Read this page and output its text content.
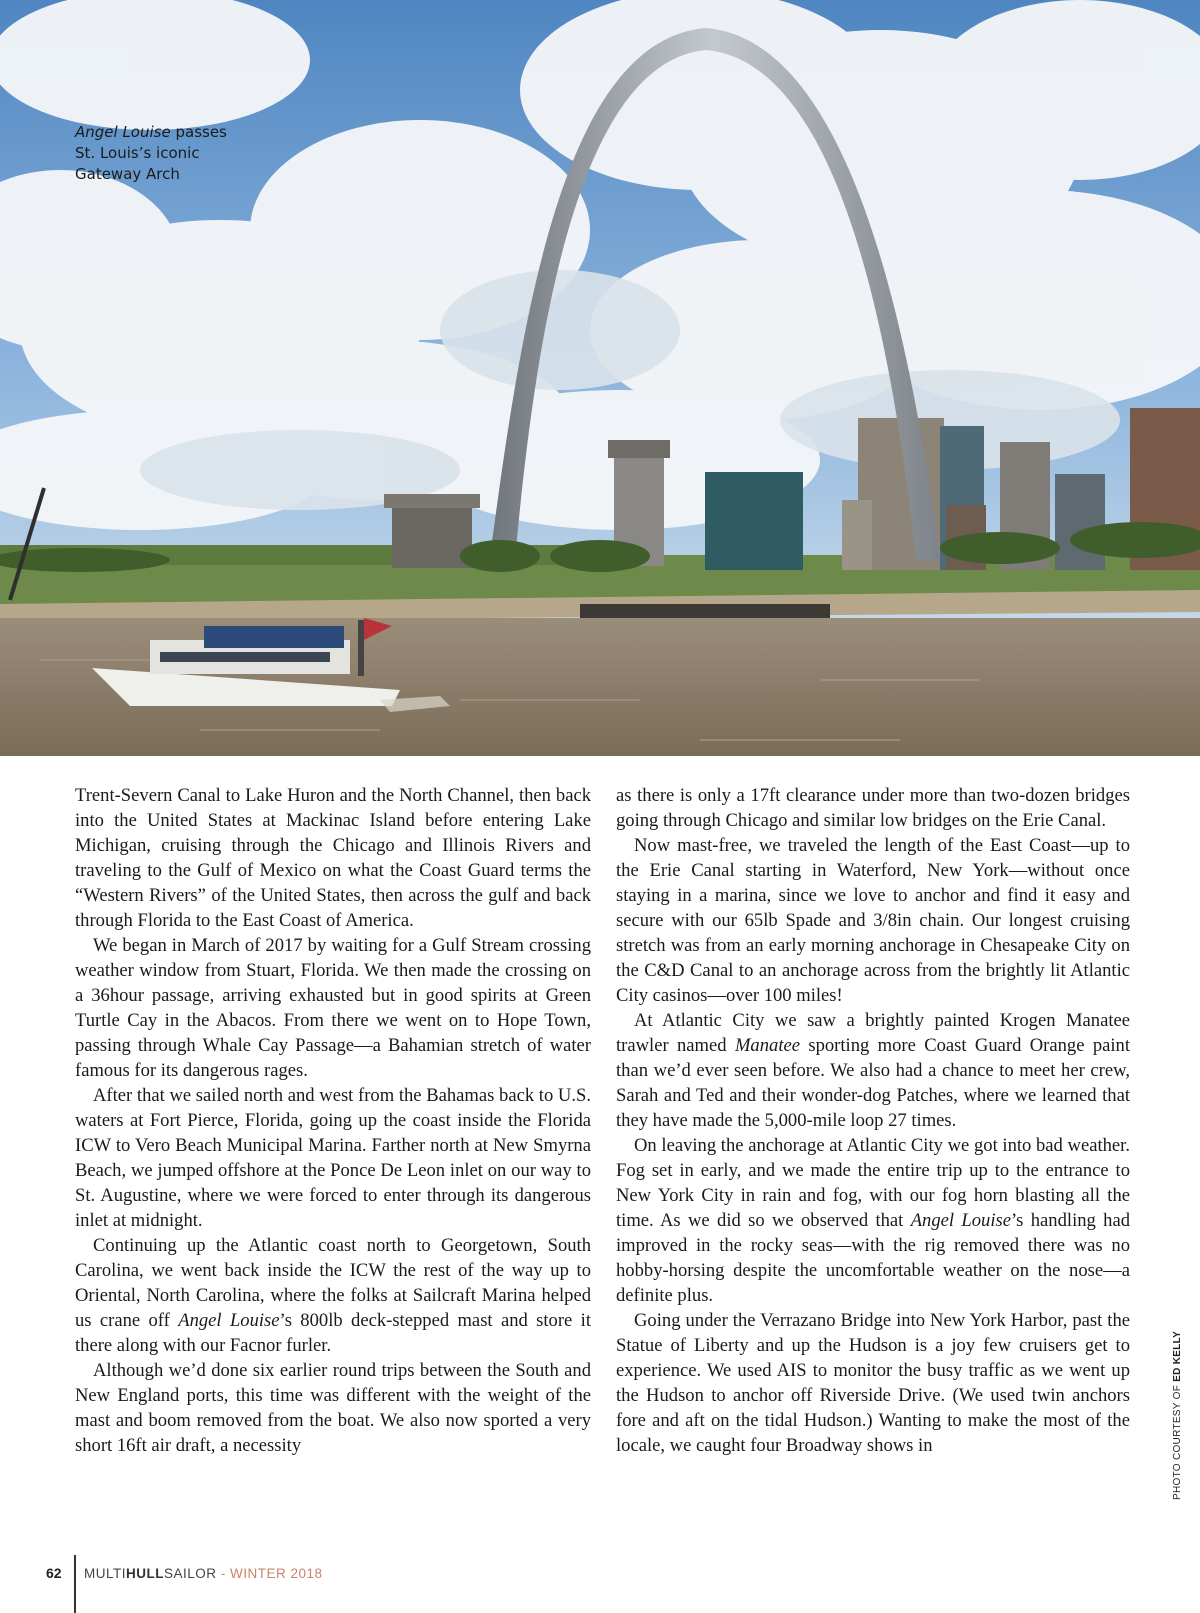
Angel Louise passes
St. Louis’s iconic
Gateway Arch

Trent-Severn Canal to Lake Huron and the North Channel, then back into the United States at Mackinac Island before entering Lake Michigan, cruising through the Chicago and Illinois Rivers and traveling to the Gulf of Mexico on what the Coast Guard terms the “Western Rivers” of the United States, then across the gulf and back through Florida to the East Coast of America.

We began in March of 2017 by waiting for a Gulf Stream crossing weather window from Stuart, Florida. We then made the crossing on a 36hour passage, arriving exhausted but in good spirits at Green Turtle Cay in the Abacos. From there we went on to Hope Town, passing through Whale Cay Passage—a Bahamian stretch of water famous for its dangerous rages.

After that we sailed north and west from the Bahamas back to U.S. waters at Fort Pierce, Florida, going up the coast inside the Florida ICW to Vero Beach Municipal Marina. Farther north at New Smyrna Beach, we jumped offshore at the Ponce De Leon inlet on our way to St. Augustine, where we were forced to enter through its dangerous inlet at midnight.

Continuing up the Atlantic coast north to Georgetown, South Carolina, we went back inside the ICW the rest of the way up to Oriental, North Carolina, where the folks at Sailcraft Marina helped us crane off Angel Louise’s 800lb deck-stepped mast and store it there along with our Facnor furler.

Although we’d done six earlier round trips between the South and New England ports, this time was different with the weight of the mast and boom removed from the boat. We also now sported a very short 16ft air draft, a necessity

as there is only a 17ft clearance under more than two-dozen bridges going through Chicago and similar low bridges on the Erie Canal.

Now mast-free, we traveled the length of the East Coast—up to the Erie Canal starting in Waterford, New York—without once staying in a marina, since we love to anchor and find it easy and secure with our 65lb Spade and 3/8in chain. Our longest cruising stretch was from an early morning anchorage in Chesapeake City on the C&D Canal to an anchorage across from the brightly lit Atlantic City casinos—over 100 miles!

At Atlantic City we saw a brightly painted Krogen Manatee trawler named Manatee sporting more Coast Guard Orange paint than we’d ever seen before. We also had a chance to meet her crew, Sarah and Ted and their wonder-dog Patches, where we learned that they have made the 5,000-mile loop 27 times.

On leaving the anchorage at Atlantic City we got into bad weather. Fog set in early, and we made the entire trip up to the entrance to New York City in rain and fog, with our fog horn blasting all the time. As we did so we observed that Angel Louise’s handling had improved in the rocky seas—with the rig removed there was no hobby-horsing despite the uncomfortable weather on the nose—a definite plus.

Going under the Verrazano Bridge into New York Harbor, past the Statue of Liberty and up the Hudson is a joy few cruisers get to experience. We used AIS to monitor the busy traffic as we went up the Hudson to anchor off Riverside Drive. (We used twin anchors fore and aft on the tidal Hudson.) Wanting to make the most of the locale, we caught four Broadway shows in	PHOTO COURTESY OF ED KELLY
62 MULTIHULLSAILOR - WINTER 2018
